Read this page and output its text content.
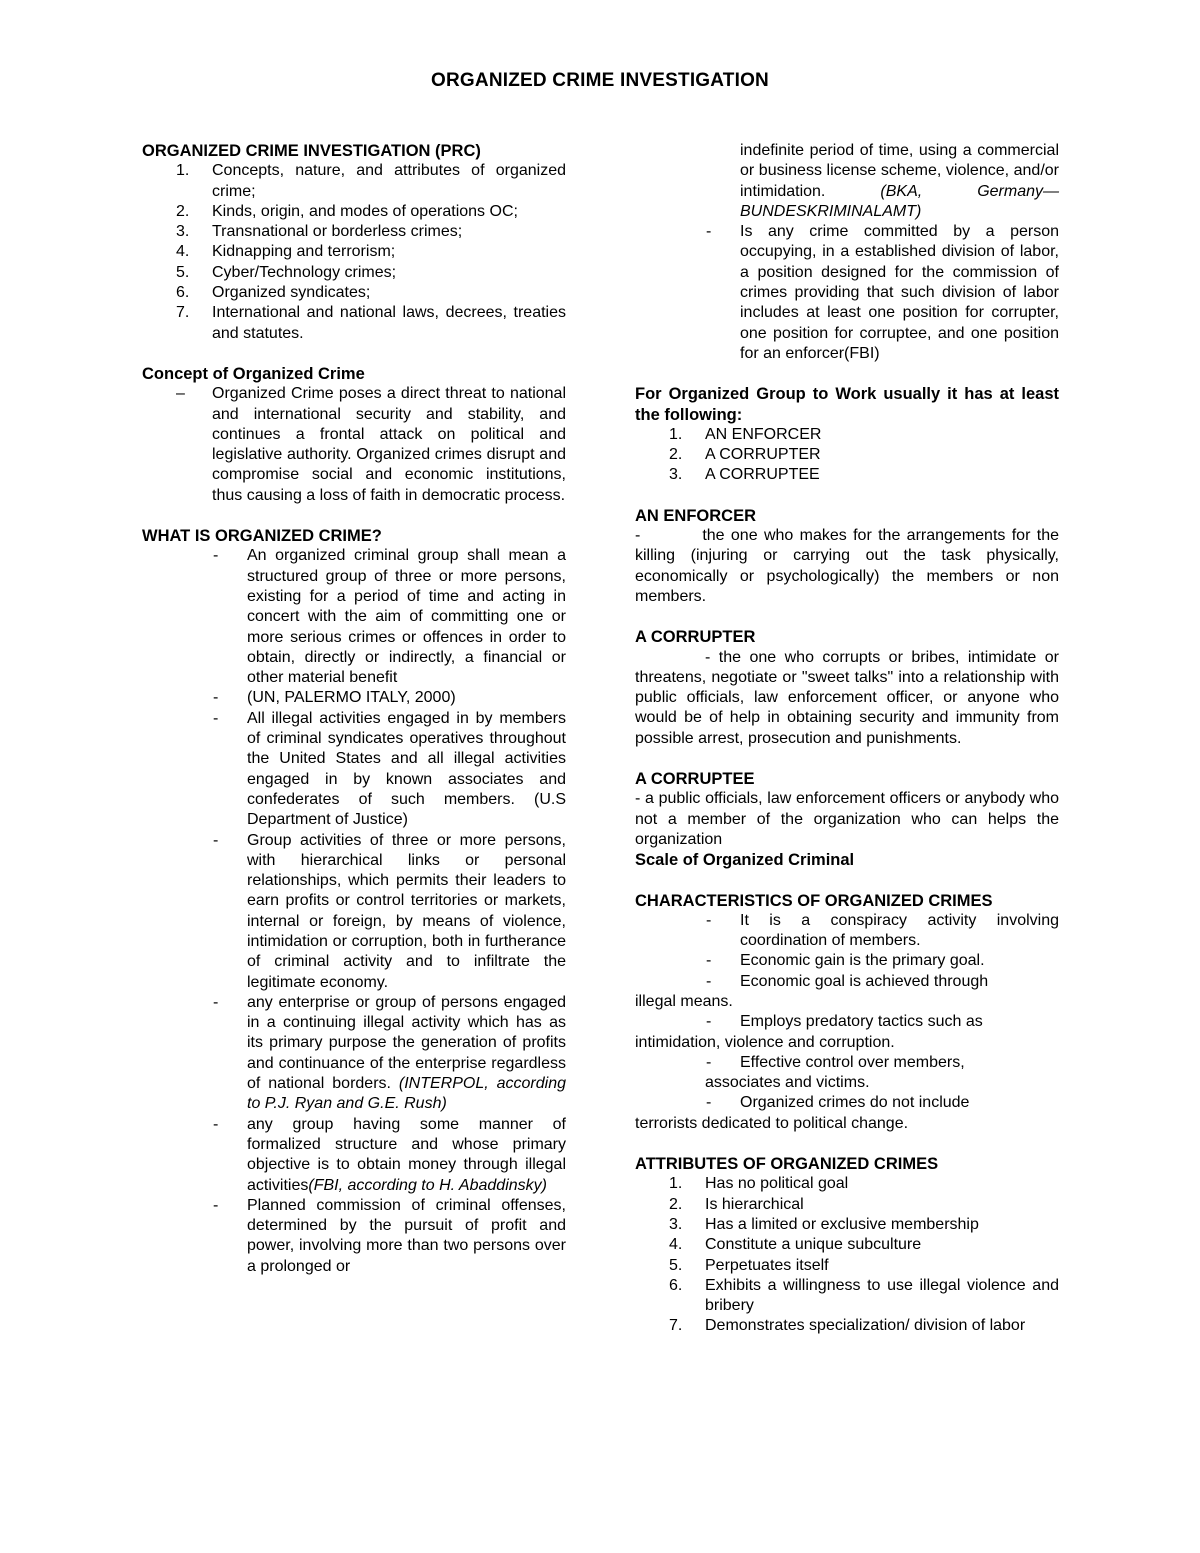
ORGANIZED CRIME INVESTIGATION
ORGANIZED CRIME INVESTIGATION (PRC)
1. Concepts, nature, and attributes of organized crime;
2. Kinds, origin, and modes of operations OC;
3. Transnational or borderless crimes;
4. Kidnapping and terrorism;
5. Cyber/Technology crimes;
6. Organized syndicates;
7. International and national laws, decrees, treaties and statutes.
Concept of Organized Crime
– Organized Crime poses a direct threat to national and international security and stability, and continues a frontal attack on political and legislative authority. Organized crimes disrupt and compromise social and economic institutions, thus causing a loss of faith in democratic process.
WHAT IS ORGANIZED CRIME?
- An organized criminal group shall mean a structured group of three or more persons, existing for a period of time and acting in concert with the aim of committing one or more serious crimes or offences in order to obtain, directly or indirectly, a financial or other material benefit
- (UN, PALERMO ITALY, 2000)
- All illegal activities engaged in by members of criminal syndicates operatives throughout the United States and all illegal activities engaged in by known associates and confederates of such members. (U.S Department of Justice)
- Group activities of three or more persons, with hierarchical links or personal relationships, which permits their leaders to earn profits or control territories or markets, internal or foreign, by means of violence, intimidation or corruption, both in furtherance of criminal activity and to infiltrate the legitimate economy.
- any enterprise or group of persons engaged in a continuing illegal activity which has as its primary purpose the generation of profits and continuance of the enterprise regardless of national borders. (INTERPOL, according to P.J. Ryan and G.E. Rush)
- any group having some manner of formalized structure and whose primary objective is to obtain money through illegal activities(FBI, according to H. Abaddinsky)
- Planned commission of criminal offenses, determined by the pursuit of profit and power, involving more than two persons over a prolonged or
indefinite period of time, using a commercial or business license scheme, violence, and/or intimidation. (BKA, Germany—BUNDESKRIMINALAMT)
- Is any crime committed by a person occupying, in a established division of labor, a position designed for the commission of crimes providing that such division of labor includes at least one position for corrupter, one position for corruptee, and one position for an enforcer(FBI)
For Organized Group to Work usually it has at least the following:
1. AN ENFORCER
2. A CORRUPTER
3. A CORRUPTEE
AN ENFORCER
-	the one who makes for the arrangements for the killing (injuring or carrying out the task physically, economically or psychologically) the members or non members.
A CORRUPTER
- the one who corrupts or bribes, intimidate or threatens, negotiate or "sweet talks" into a relationship with public officials, law enforcement officer, or anyone who would be of help in obtaining security and immunity from possible arrest, prosecution and punishments.
A CORRUPTEE
- a public officials, law enforcement officers or anybody who not a member of the organization who can helps the organization
Scale of Organized Criminal
CHARACTERISTICS OF ORGANIZED CRIMES
- It is a conspiracy activity involving coordination of members.
- Economic gain is the primary goal.
- Economic goal is achieved through
illegal means.
- Employs predatory tactics such as
intimidation, violence and corruption.
- Effective control over members,
associates and victims.
- Organized crimes do not include
terrorists dedicated to political change.
ATTRIBUTES OF ORGANIZED CRIMES
1. Has no political goal
2. Is hierarchical
3. Has a limited or exclusive membership
4. Constitute a unique subculture
5. Perpetuates itself
6. Exhibits a willingness to use illegal violence and bribery
7. Demonstrates specialization/ division of labor
